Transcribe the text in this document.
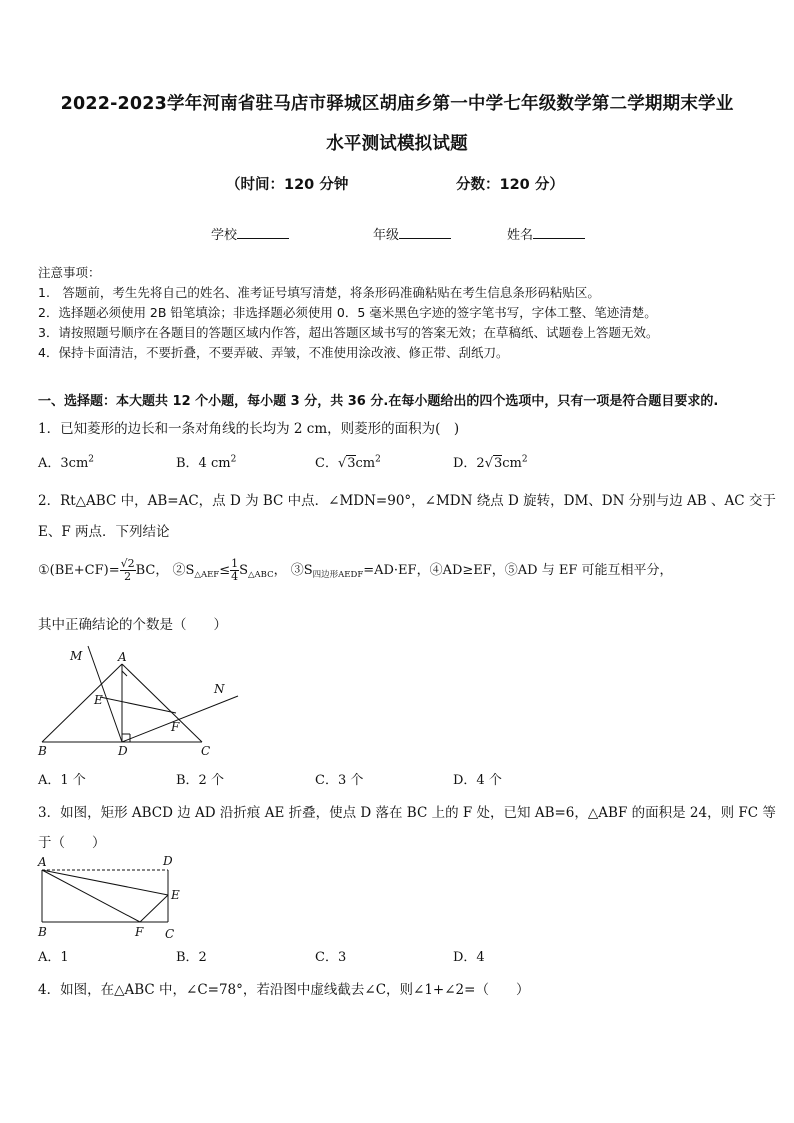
2022-2023学年河南省驻马店市驿城区胡庙乡第一中学七年级数学第二学期期末学业
水平测试模拟试题
（时间：120 分钟	分数：120 分）
学校	年级	姓名
注意事项：
1.　答题前，考生先将自己的姓名、准考证号填写清楚，将条形码准确粘贴在考生信息条形码粘贴区。
2．选择题必须使用 2B 铅笔填涂；非选择题必须使用 0．5 毫米黑色字迹的签字笔书写，字体工整、笔迹清楚。
3．请按照题号顺序在各题目的答题区域内作答，超出答题区域书写的答案无效；在草稿纸、试题卷上答题无效。
4．保持卡面清洁，不要折叠，不要弄破、弄皱，不准使用涂改液、修正带、刮纸刀。
一、选择题：本大题共 12 个小题，每小题 3 分，共 36 分.在每小题给出的四个选项中，只有一项是符合题目要求的.
1．已知菱形的边长和一条对角线的长均为 2 cm，则菱形的面积为(　)
A．$3cm^2$	B．4 $cm^2$	C．$√3cm^2$	D．$2√3cm^2$
2．Rt△ABC 中，AB=AC，点 D 为 BC 中点．∠MDN=90°，∠MDN 绕点 D 旋转，DM、DN 分别与边 AB 、AC 交于
E、F 两点．下列结论
①(BE+CF)= $\frac{√2}{2}$ BC， $②S_{\triangle AEF}\le \frac{1}{4} S_{\triangle ABC}$， $③S_{四边形AEDF}=AD\cdot EF$，④AD≥EF，⑤AD 与 EF 可能互相平分，
其中正确结论的个数是（　　）
M	A
N
E
F
B	D	C
A．1 个	B．2 个	C．3 个	D．4 个
3．如图，矩形 ABCD 边 AD 沿折痕 AE 折叠，使点 D 落在 BC 上的 F 处，已知 AB=6，△ABF 的面积是 24，则 FC 等
于（　　）
A	D
E
B	F C
A．1	B．2	C．3	D．4
4．如图，在△ABC 中，∠C=78°，若沿图中虚线截去∠C，则∠1+∠2=（　　）
